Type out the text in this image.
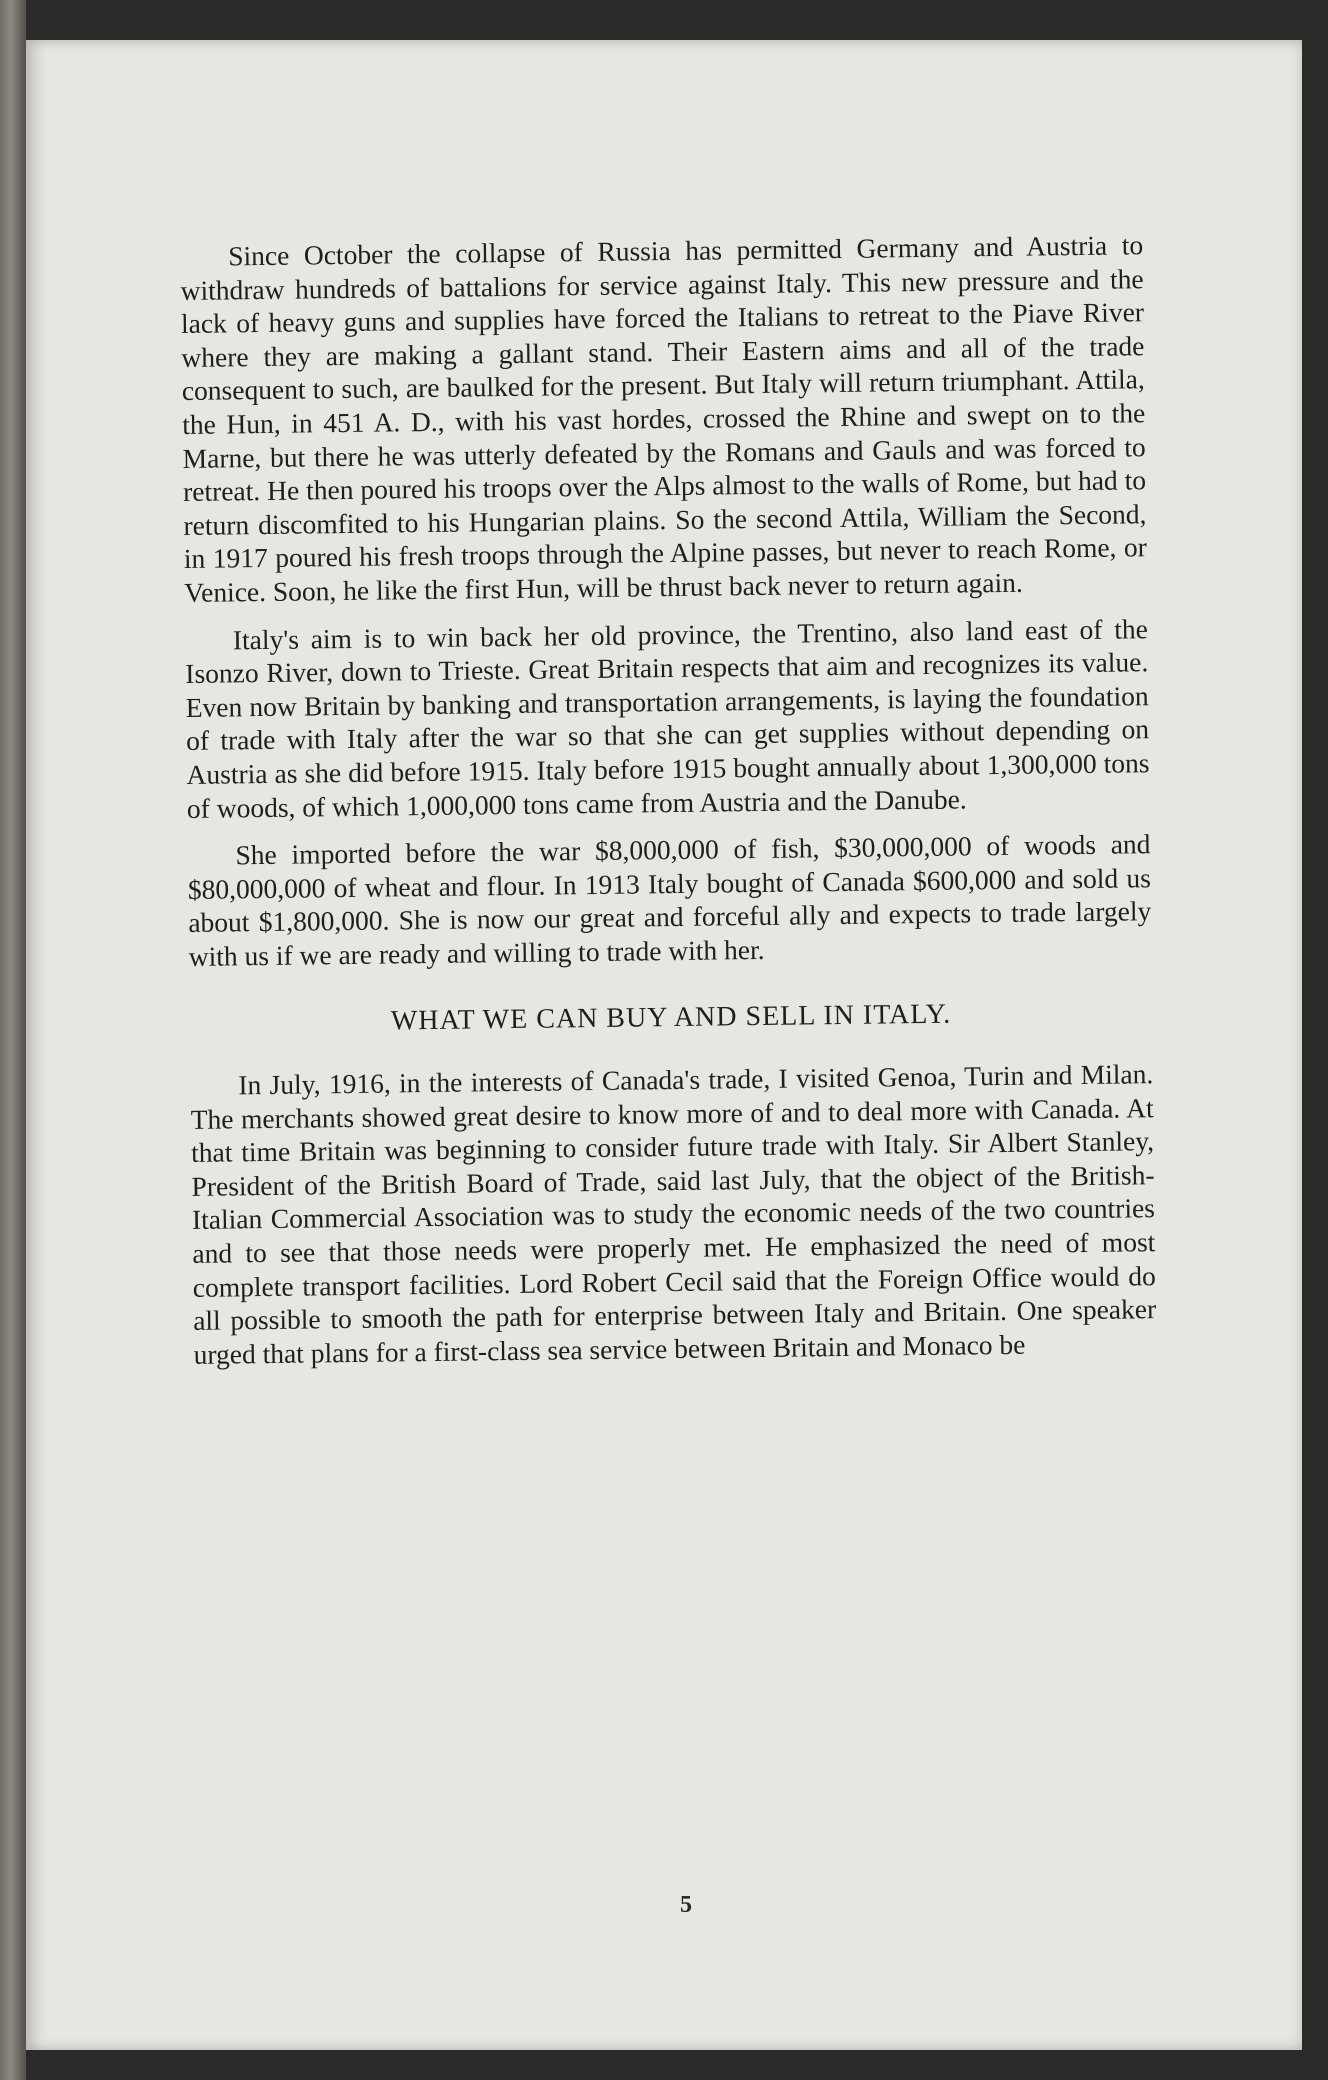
Since October the collapse of Russia has permitted Germany and Austria to withdraw hundreds of battalions for service against Italy. This new pressure and the lack of heavy guns and supplies have forced the Italians to retreat to the Piave River where they are making a gallant stand. Their Eastern aims and all of the trade consequent to such, are baulked for the present. But Italy will return triumphant. Attila, the Hun, in 451 A. D., with his vast hordes, crossed the Rhine and swept on to the Marne, but there he was utterly defeated by the Romans and Gauls and was forced to retreat. He then poured his troops over the Alps almost to the walls of Rome, but had to return discomfited to his Hungarian plains. So the second Attila, William the Second, in 1917 poured his fresh troops through the Alpine passes, but never to reach Rome, or Venice. Soon, he like the first Hun, will be thrust back never to return again.

Italy's aim is to win back her old province, the Trentino, also land east of the Isonzo River, down to Trieste. Great Britain respects that aim and recognizes its value. Even now Britain by banking and transportation arrangements, is laying the foundation of trade with Italy after the war so that she can get supplies without depending on Austria as she did before 1915. Italy before 1915 bought annually about 1,300,000 tons of woods, of which 1,000,000 tons came from Austria and the Danube.

She imported before the war $8,000,000 of fish, $30,000,000 of woods and $80,000,000 of wheat and flour. In 1913 Italy bought of Canada $600,000 and sold us about $1,800,000. She is now our great and forceful ally and expects to trade largely with us if we are ready and willing to trade with her.

WHAT WE CAN BUY AND SELL IN ITALY.

In July, 1916, in the interests of Canada's trade, I visited Genoa, Turin and Milan. The merchants showed great desire to know more of and to deal more with Canada. At that time Britain was beginning to consider future trade with Italy. Sir Albert Stanley, President of the British Board of Trade, said last July, that the object of the British-Italian Commercial Association was to study the economic needs of the two countries and to see that those needs were properly met. He emphasized the need of most complete transport facilities. Lord Robert Cecil said that the Foreign Office would do all possible to smooth the path for enterprise between Italy and Britain. One speaker urged that plans for a first-class sea service between Britain and Monaco be

5
